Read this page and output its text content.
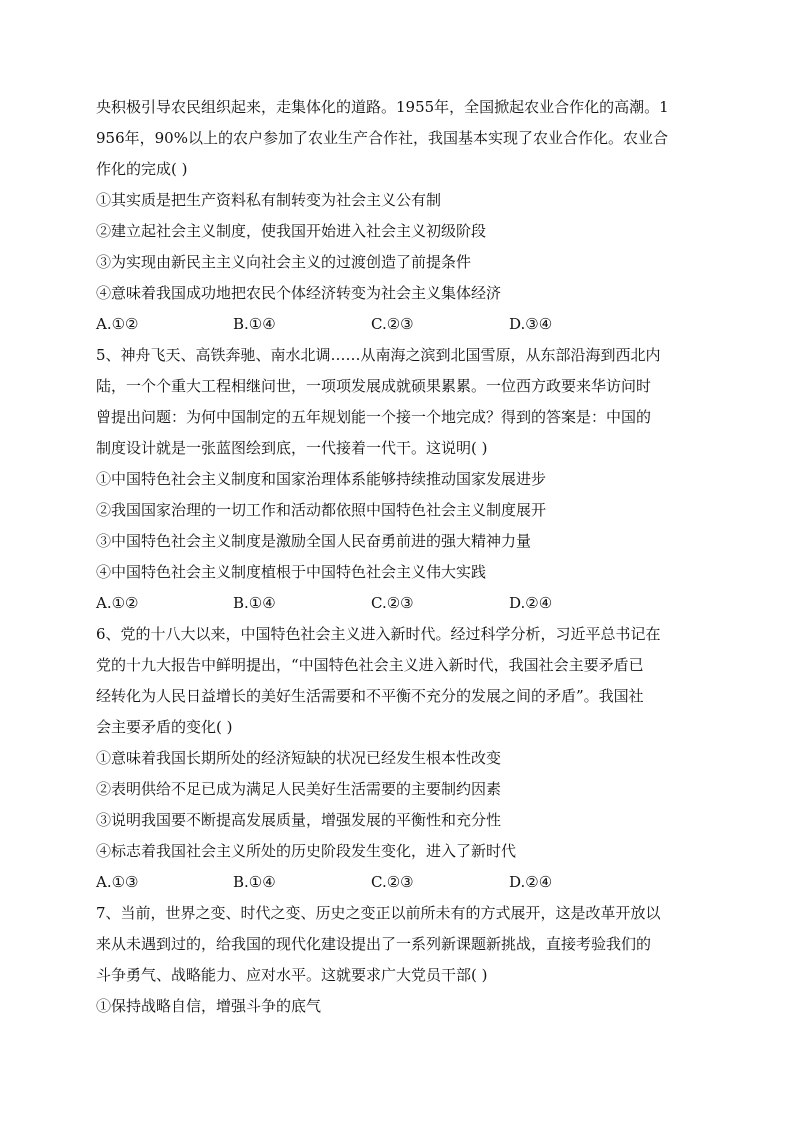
央积极引导农民组织起来，走集体化的道路。1955年，全国掀起农业合作化的高潮。1
956年，90%以上的农户参加了农业生产合作社，我国基本实现了农业合作化。农业合
作化的完成( )
①其实质是把生产资料私有制转变为社会主义公有制
②建立起社会主义制度，使我国开始进入社会主义初级阶段
③为实现由新民主主义向社会主义的过渡创造了前提条件
④意味着我国成功地把农民个体经济转变为社会主义集体经济
A.①②	B.①④	C.②③	D.③④
5、神舟飞天、高铁奔驰、南水北调……从南海之滨到北国雪原，从东部沿海到西北内
陆，一个个重大工程相继问世，一项项发展成就硕果累累。一位西方政要来华访问时
曾提出问题：为何中国制定的五年规划能一个接一个地完成？得到的答案是：中国的
制度设计就是一张蓝图绘到底，一代接着一代干。这说明( )
①中国特色社会主义制度和国家治理体系能够持续推动国家发展进步
②我国国家治理的一切工作和活动都依照中国特色社会主义制度展开
③中国特色社会主义制度是激励全国人民奋勇前进的强大精神力量
④中国特色社会主义制度植根于中国特色社会主义伟大实践
A.①②	B.①④	C.②③	D.②④
6、党的十八大以来，中国特色社会主义进入新时代。经过科学分析，习近平总书记在
党的十九大报告中鲜明提出，“中国特色社会主义进入新时代，我国社会主要矛盾已
经转化为人民日益增长的美好生活需要和不平衡不充分的发展之间的矛盾”。我国社
会主要矛盾的变化( )
①意味着我国长期所处的经济短缺的状况已经发生根本性改变
②表明供给不足已成为满足人民美好生活需要的主要制约因素
③说明我国要不断提高发展质量，增强发展的平衡性和充分性
④标志着我国社会主义所处的历史阶段发生变化，进入了新时代
A.①③	B.①④	C.②③	D.②④
7、当前，世界之变、时代之变、历史之变正以前所未有的方式展开，这是改革开放以
来从未遇到过的，给我国的现代化建设提出了一系列新课题新挑战，直接考验我们的
斗争勇气、战略能力、应对水平。这就要求广大党员干部( )
①保持战略自信，增强斗争的底气
